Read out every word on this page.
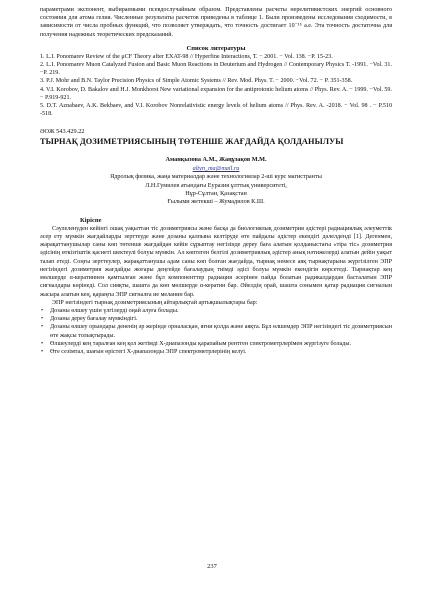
параметрами экспонент, выбираемыми псевдослучайным образом. Представлены расчеты нерелятивистских энергий основного состояния для атома гелия. Численные результаты расчетов приведены в таблице 1. Были произведены исследования сходимости, в зависимости от числа пробных функций, что позволяет утверждать, что точность достигает 10⁻¹⁵ а.е. Эта точность достаточна для получения надежных теоретических предсказаний.

Список литературы

1. L.I. Ponomarev Review of the μCF Theory after EXAT-98 // Hyperfine Interactions, T. − 2001. − Vol. 138. −P. 15-23.

2. L.I. Ponomarev Muon Catalyzed Fusion and Basic Muon Reactions in Deuterium and Hydrogen // Contemporary Physics T. -1991. −Vol. 31. −P. 219.

3. P.J. Mohr and B.N. Taylor Precision Physics of Simple Atomic Systems // Rev. Mod. Phys. T. − 2000. −Vol. 72. − P. 351-358.

4. V.I. Korobov, D. Bakalov and H.J. Monkhorst New variational expansion for the antiprotonic helium atoms // Phys. Rev. A. − 1999. −Vol. 59. − P.919-921.

5. D.T. Aznabaev, A.K. Bekbaev, and V.I. Korobov Nonrelativistic energy levels of helium atoms // Phys. Rev. A. -2018. − Vol. 98 . − P.510 -518.

ӘОЖ 543.429.22

ТЫРНАҚ ДОЗИМЕТРИЯСЫНЫҢ ТӨТЕНШЕ ЖАҒДАЙДА ҚОЛДАНЫЛУЫ

Аманқызова А.М., Жаңұзақов М.М.

altyn_ma@mail.ru

Ядролық физика, жаңа материалдар және технологиялар 2-ші курс магистранты

Л.Н.Гумилев атындағы Еуразия ұлттық университеті,

Нұр-Сұлтан, Қазақстан

Ғылыми жетекші – Жумадилов К.Ш.

Кіріспе

Сәулеленуден кейінгі ошақ уақыттан тіс дозиметриясы және басқа да биологиялық дозиметрия әдістері радиациялық әлеуметтік әсер ету мүмкін жағдайларды зерттеуде және дозаны қалпына келтіруде өте пайдалы әдістер екендігі дәлелденді [1]. Дегенмен, жарақаттанушылар саны көп төтенше жағдайдан кейін сұрыптау негізінде дереу баға алатын қолданыстағы «тіра тіс» дозиметрия әдісінің өткізгіштік қасиеті шектеулі болуы мүмкін. Ал көптеген белгілі дозиметриялық әдістер анық нәтижелерді алатын дейін уақыт талап етеді. Соңғы зерттеулер, жарақаттанушы адам саны көп болған жағдайда, тырнақ немесе аяқ тырнақтарына жүргізілген ЭПР негізіндегі дозиметрия жағдайды жоғары деңгейде бағалаудың тиімді әдісі болуы мүмкін екендігін көрсетеді. Тырнақтар кең мөлшерде α-кератиннен қамтылған және бұл компоненттер радиация әсерінен пайда болатын радикалдардан басталатын ЭПР сигналдары көрінеді. Сол сияқты, шашта да көп мөлшерде α-кератин бар. Әйелдің орай, шашта сонымен қатар радиация сигналын жасыра алатын кең, қараңғы ЭПР сигналға ие меланин бар.

ЭПР негізіндегі тырнақ дозиметриясының айтарлықтай артықшылықтары бар:

• Дозаны өлшеу үшін үлгілерді оңай алуға болады.
• Дозаны дереу бағалау мүмкіндігі.
• Дозаны өлшеу орындары дененің әр жерінде орналасқан, яғни қолда және аяқта. Бұл өлшемдер ЭПР негізіндегі тіс дозиметриясын өте жақсы толықтырады.
• Өлшеулерді кең таралған кең қол жетімді X-диапазонды қарапайым рентген спектрометрлерімен жүргізуге болады.
• Өте сезімтал, шағын өрістегі X-диапазонды ЭПР спектрометрлерінің келуі.
237
